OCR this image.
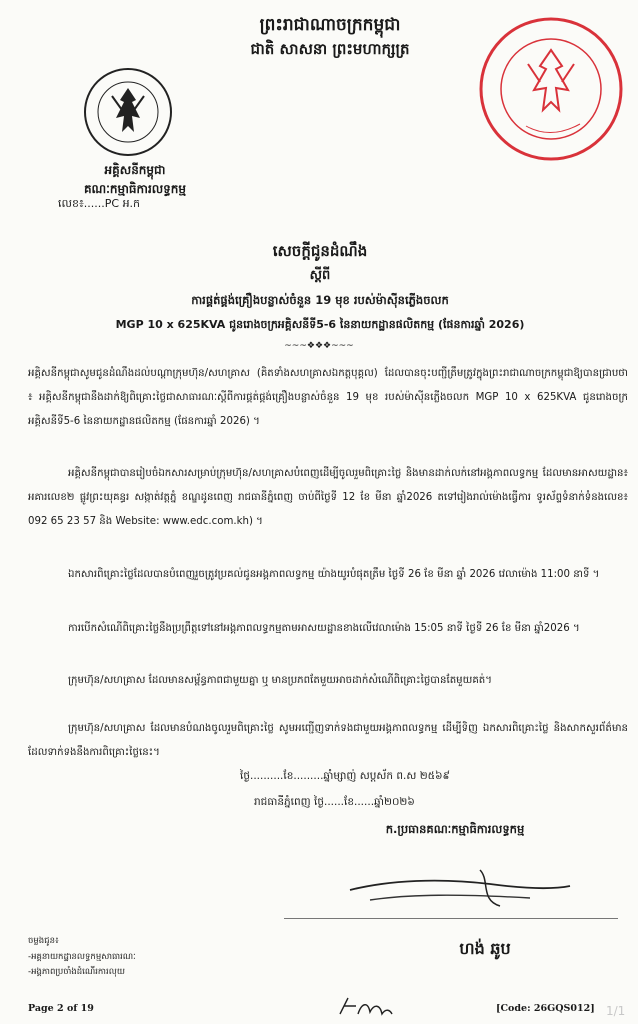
ព្រះរាជាណាចក្រកម្ពុជា
ជាតិ សាសនា ព្រះមហាក្សត្រ
អគ្គិសនីកម្ពុជា
គណៈកម្មាធិការលទ្ធកម្ម
លេខ៖......PC អ.ក
សេចក្តីជូនដំណឹង
ស្តីពី
ការផ្គត់ផ្គង់គ្រឿងបន្លាស់ចំនួន 19 មុខ របស់ម៉ាស៊ីនភ្លើងចលក
MGP 10 x 625KVA ជូនរោងចក្រអគ្គិសនីទី5-6 នៃនាយកដ្ឋានផលិតកម្ម (ផែនការឆ្នាំ 2026)
~~~❖❖❖~~~
អគ្គិសនីកម្ពុជាសូមជូនដំណឹងដល់បណ្តាក្រុមហ៊ុន/សហគ្រាស (គិតទាំងសហគ្រាសឯកត្តបុគ្គល) ដែលបានចុះបញ្ជីត្រឹមត្រូវក្នុងព្រះរាជាណាចក្រកម្ពុជាឱ្យបានជ្រាបថា ៖ អគ្គិសនីកម្ពុជានឹងដាក់ឱ្យពិគ្រោះថ្លៃជាសាធារណៈស្តីពីការផ្គត់ផ្គង់គ្រឿងបន្លាស់ចំនួន 19 មុខ របស់ម៉ាស៊ីនភ្លើងចលក MGP 10 x 625KVA ជូនរោងចក្រអគ្គិសនីទី5-6 នៃនាយកដ្ឋានផលិតកម្ម (ផែនការឆ្នាំ 2026) ។
អគ្គិសនីកម្ពុជាបានរៀបចំឯកសារសម្រាប់ក្រុមហ៊ុន/សហគ្រាសបំពេញដើម្បីចូលរួមពិគ្រោះថ្លៃ និងមានដាក់លក់នៅអង្គភាពលទ្ធកម្ម ដែលមានអាសយដ្ឋាន៖ អគារលេខ២ ផ្លូវព្រះយុគន្ធរ សង្កាត់វត្តភ្នំ ខណ្ឌដូនពេញ រាជធានីភ្នំពេញ ចាប់ពីថ្ងៃទី 12 ខែ មីនា ឆ្នាំ2026 តទៅរៀងរាល់ម៉ោងធ្វើការ ទូរស័ព្ទទំនាក់ទំនងលេខ៖ 092 65 23 57 និង Website: www.edc.com.kh) ។
ឯកសារពិគ្រោះថ្លៃដែលបានបំពេញរួចត្រូវប្រគល់ជូនអង្គភាពលទ្ធកម្ម យ៉ាងយូរបំផុតត្រឹម ថ្ងៃទី 26 ខែ មីនា ឆ្នាំ 2026 វេលាម៉ោង 11:00 នាទី ។
ការបើកសំណើពិគ្រោះថ្លៃនឹងប្រព្រឹត្តទៅនៅអង្គភាពលទ្ធកម្មតាមអាសយដ្ឋានខាងលើវេលាម៉ោង 15:05 នាទី ថ្ងៃទី 26 ខែ មីនា ឆ្នាំ2026 ។
ក្រុមហ៊ុន/សហគ្រាស ដែលមានសម្ព័ន្ធភាពជាមួយគ្នា ឬ មានប្រភពតែមួយអាចដាក់សំណើពិគ្រោះថ្លៃបានតែមួយគត់។
ក្រុមហ៊ុន/សហគ្រាស ដែលមានបំណងចូលរួមពិគ្រោះថ្លៃ សូមអញ្ជើញទាក់ទងជាមួយអង្គភាពលទ្ធកម្ម ដើម្បីទិញ ឯកសារពិគ្រោះថ្លៃ និងសាកសួរព័ត៌មានដែលទាក់ទងនឹងការពិគ្រោះថ្លៃនេះ។
ថ្ងៃ..........ខែ.........ឆ្នាំម្សាញ់ សប្តស័ក ព.ស ២៥៦៩
រាជធានីភ្នំពេញ ថ្ងៃ......ខែ......ឆ្នាំ២០២៦
ក.ប្រធានគណៈកម្មាធិការលទ្ធកម្ម
ហង់ ឆូប
ចម្លងជូន៖
-អគ្គនាយកដ្ឋានលទ្ធកម្មសាធារណៈ
-អង្គភាពប្រចាំងដំណើរការលុយ
Page 2 of 19	[Code: 26GQS012] 1/1
